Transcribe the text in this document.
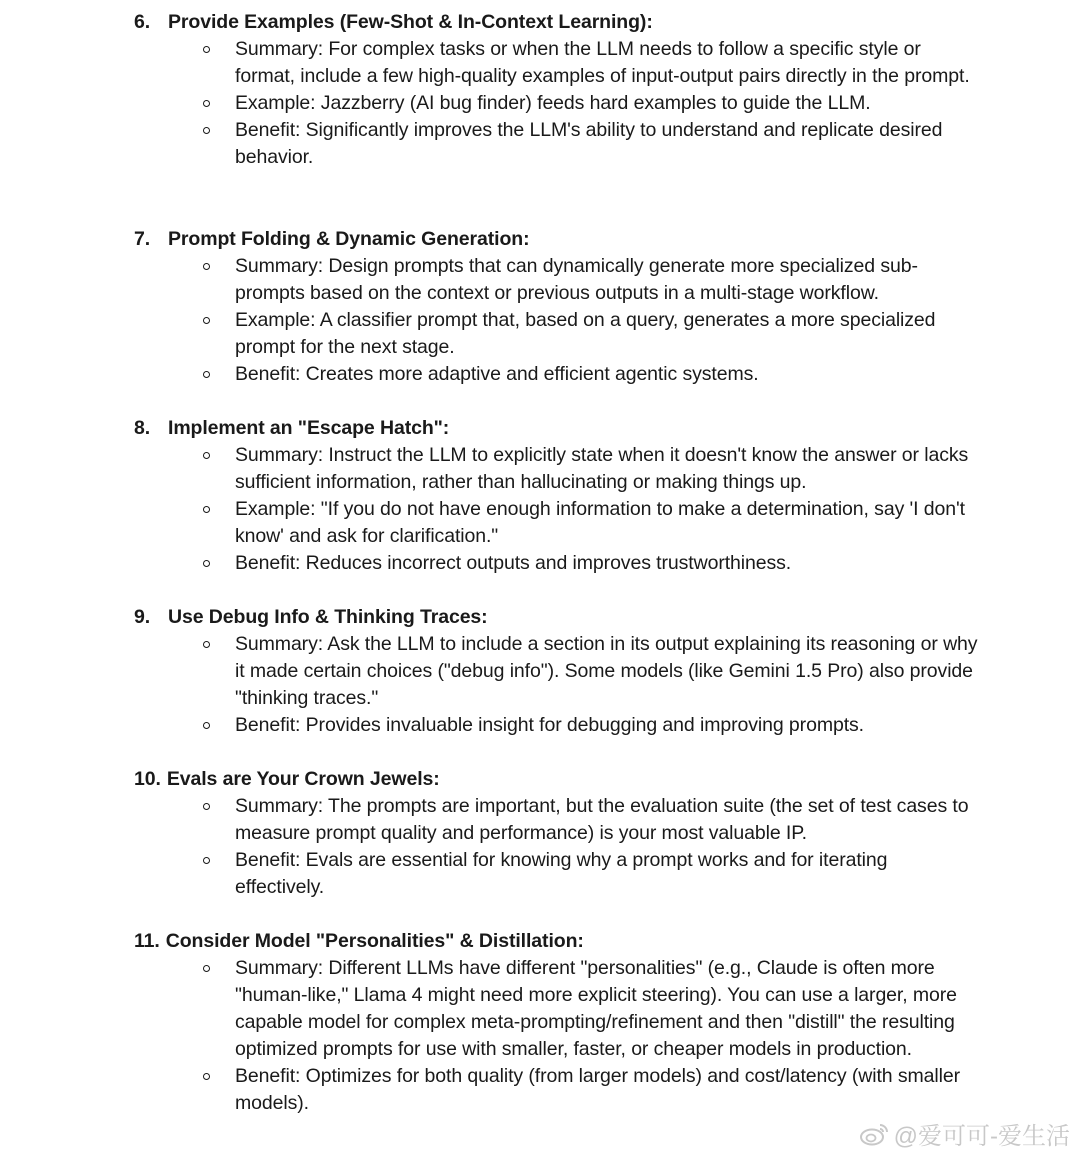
6. Provide Examples (Few-Shot & In-Context Learning):
Summary: For complex tasks or when the LLM needs to follow a specific style or format, include a few high-quality examples of input-output pairs directly in the prompt.
Example: Jazzberry (AI bug finder) feeds hard examples to guide the LLM.
Benefit: Significantly improves the LLM's ability to understand and replicate desired behavior.
7. Prompt Folding & Dynamic Generation:
Summary: Design prompts that can dynamically generate more specialized sub-prompts based on the context or previous outputs in a multi-stage workflow.
Example: A classifier prompt that, based on a query, generates a more specialized prompt for the next stage.
Benefit: Creates more adaptive and efficient agentic systems.
8. Implement an "Escape Hatch":
Summary: Instruct the LLM to explicitly state when it doesn't know the answer or lacks sufficient information, rather than hallucinating or making things up.
Example: "If you do not have enough information to make a determination, say 'I don't know' and ask for clarification."
Benefit: Reduces incorrect outputs and improves trustworthiness.
9. Use Debug Info & Thinking Traces:
Summary: Ask the LLM to include a section in its output explaining its reasoning or why it made certain choices ("debug info"). Some models (like Gemini 1.5 Pro) also provide "thinking traces."
Benefit: Provides invaluable insight for debugging and improving prompts.
10. Evals are Your Crown Jewels:
Summary: The prompts are important, but the evaluation suite (the set of test cases to measure prompt quality and performance) is your most valuable IP.
Benefit: Evals are essential for knowing why a prompt works and for iterating effectively.
11. Consider Model "Personalities" & Distillation:
Summary: Different LLMs have different "personalities" (e.g., Claude is often more "human-like," Llama 4 might need more explicit steering). You can use a larger, more capable model for complex meta-prompting/refinement and then "distill" the resulting optimized prompts for use with smaller, faster, or cheaper models in production.
Benefit: Optimizes for both quality (from larger models) and cost/latency (with smaller models).
@爱可可-爱生活
